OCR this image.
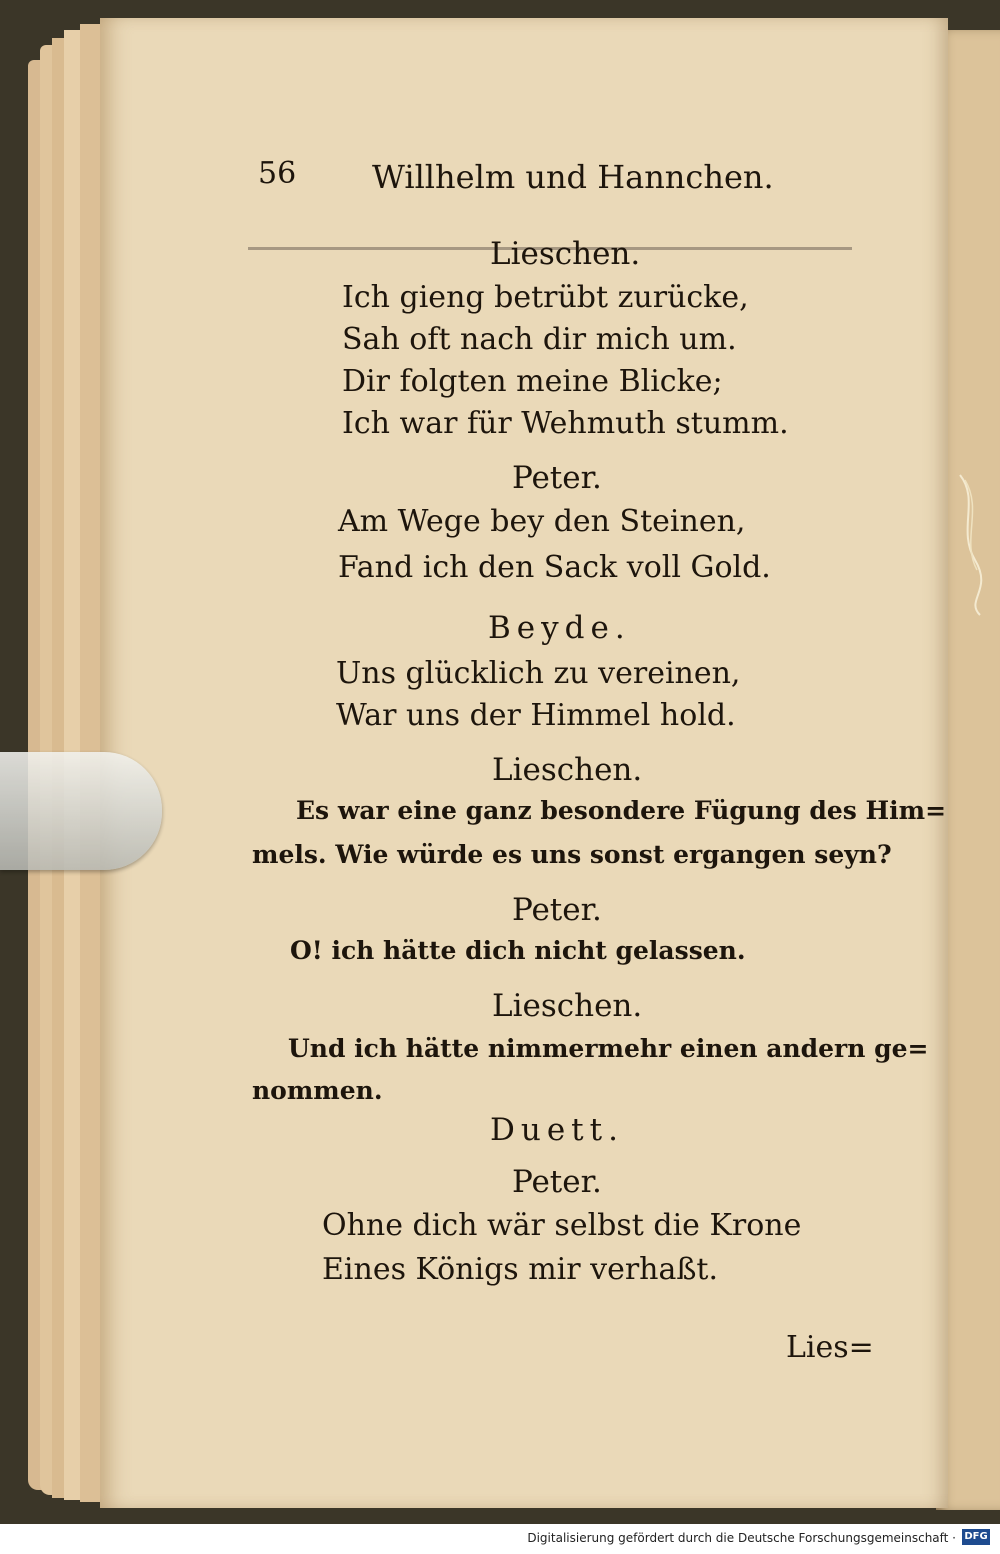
56 Willhelm und Hannchen.
Lieschen.
Ich gieng betrübt zurücke,
Sah oft nach dir mich um.
Dir folgten meine Blicke;
Ich war für Wehmuth stumm.
Peter.
Am Wege bey den Steinen,
Fand ich den Sack voll Gold.
Beyde.
Uns glücklich zu vereinen,
War uns der Himmel hold.
Lieschen.
Es war eine ganz besondere Fügung des Him=
mels. Wie würde es uns sonst ergangen seyn?
Peter.
O! ich hätte dich nicht gelassen.
Lieschen.
Und ich hätte nimmermehr einen andern ge=
nommen.
Duett.
Peter.
Ohne dich wär selbst die Krone
Eines Königs mir verhaßt.
Lies=
Digitalisierung gefördert durch die Deutsche Forschungsgemeinschaft · DFG
